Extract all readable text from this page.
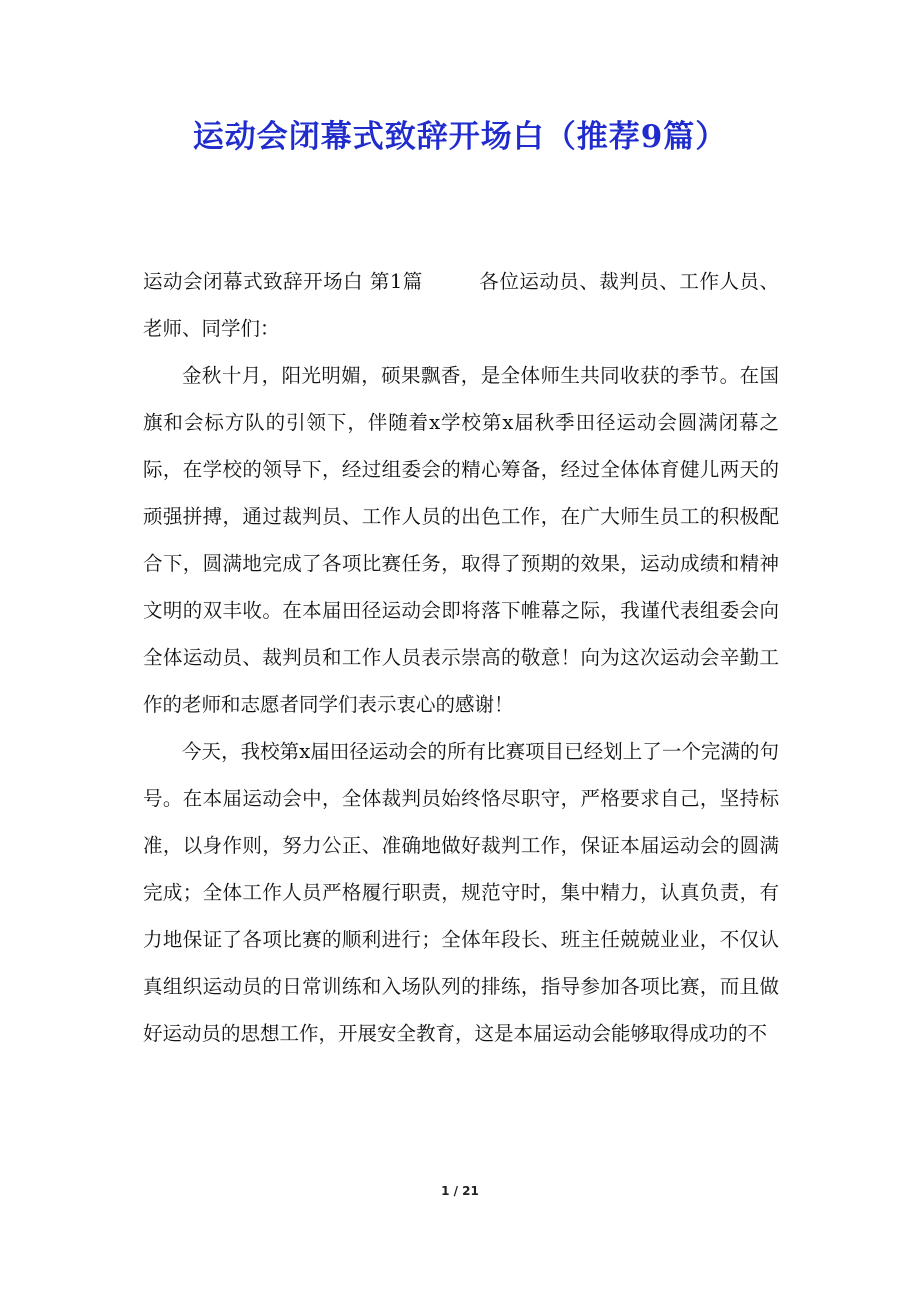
运动会闭幕式致辞开场白（推荐9篇）

运动会闭幕式致辞开场白 第1篇	各位运动员、裁判员、工作人员、老师、同学们：

金秋十月，阳光明媚，硕果飘香，是全体师生共同收获的季节。在国旗和会标方队的引领下，伴随着x学校第x届秋季田径运动会圆满闭幕之际，在学校的领导下，经过组委会的精心筹备，经过全体体育健儿两天的顽强拼搏，通过裁判员、工作人员的出色工作，在广大师生员工的积极配合下，圆满地完成了各项比赛任务，取得了预期的效果，运动成绩和精神文明的双丰收。在本届田径运动会即将落下帷幕之际，我谨代表组委会向全体运动员、裁判员和工作人员表示崇高的敬意！向为这次运动会辛勤工作的老师和志愿者同学们表示衷心的感谢！

今天，我校第x届田径运动会的所有比赛项目已经划上了一个完满的句号。在本届运动会中，全体裁判员始终恪尽职守，严格要求自己，坚持标准，以身作则，努力公正、准确地做好裁判工作，保证本届运动会的圆满完成；全体工作人员严格履行职责，规范守时，集中精力，认真负责，有力地保证了各项比赛的顺利进行；全体年段长、班主任兢兢业业，不仅认真组织运动员的日常训练和入场队列的排练，指导参加各项比赛，而且做好运动员的思想工作，开展安全教育，这是本届运动会能够取得成功的不

1 / 21
